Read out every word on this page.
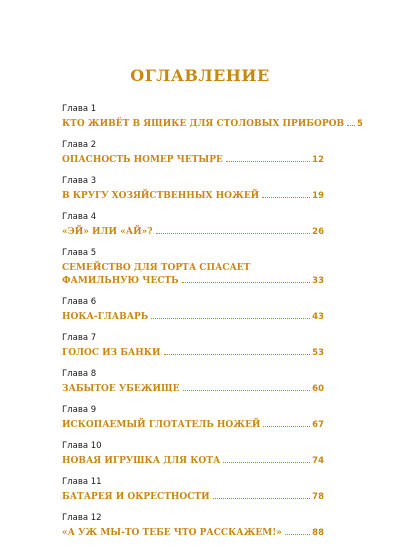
ОГЛАВЛЕНИЕ
Глава 1
КТО ЖИВЁТ В ЯЩИКЕ ДЛЯ СТОЛОВЫХ ПРИБОРОВ 5
Глава 2
ОПАСНОСТЬ НОМЕР ЧЕТЫРЕ	12
Глава 3
В КРУГУ ХОЗЯЙСТВЕННЫХ НОЖЕЙ	19
Глава 4
«ЭЙ» ИЛИ «АЙ»?	26
Глава 5
СЕМЕЙСТВО ДЛЯ ТОРТА СПАСАЕТ
ФАМИЛЬНУЮ ЧЕСТЬ	33
Глава 6
НОКА-ГЛАВАРЬ	43
Глава 7
ГОЛОС ИЗ БАНКИ	53
Глава 8
ЗАБЫТОЕ УБЕЖИЩЕ	60
Глава 9
ИСКОПАЕМЫЙ ГЛОТАТЕЛЬ НОЖЕЙ	67
Глава 10
НОВАЯ ИГРУШКА ДЛЯ КОТА	74
Глава 11
БАТАРЕЯ И ОКРЕСТНОСТИ	78
Глава 12
«А УЖ МЫ-ТО ТЕБЕ ЧТО РАССКАЖЕМ!»	88
